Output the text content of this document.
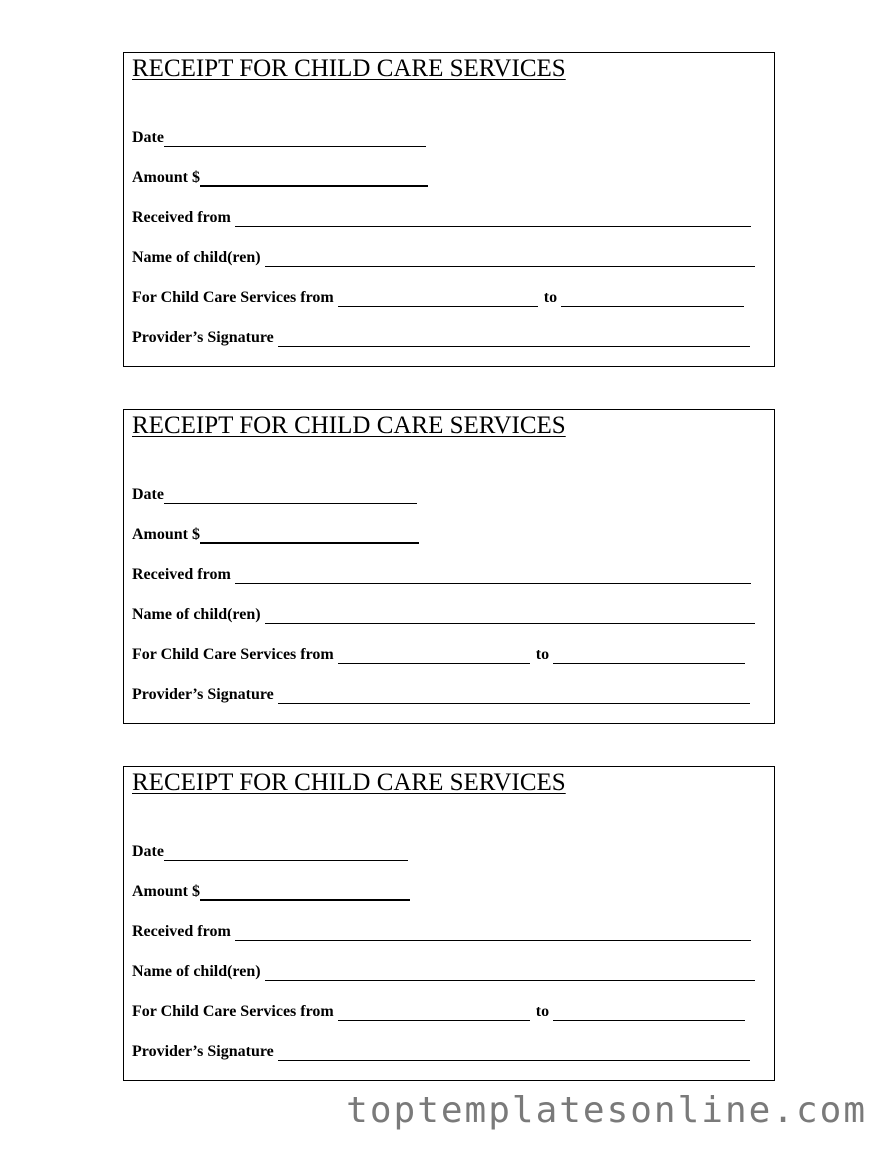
RECEIPT FOR CHILD CARE SERVICES
Date
Amount $
Received from
Name of child(ren)
For Child Care Services from	to
Provider’s Signature
RECEIPT FOR CHILD CARE SERVICES
Date
Amount $
Received from
Name of child(ren)
For Child Care Services from	to
Provider’s Signature
RECEIPT FOR CHILD CARE SERVICES
Date
Amount $
Received from
Name of child(ren)
For Child Care Services from	to
Provider’s Signature
toptemplatesonline.com
